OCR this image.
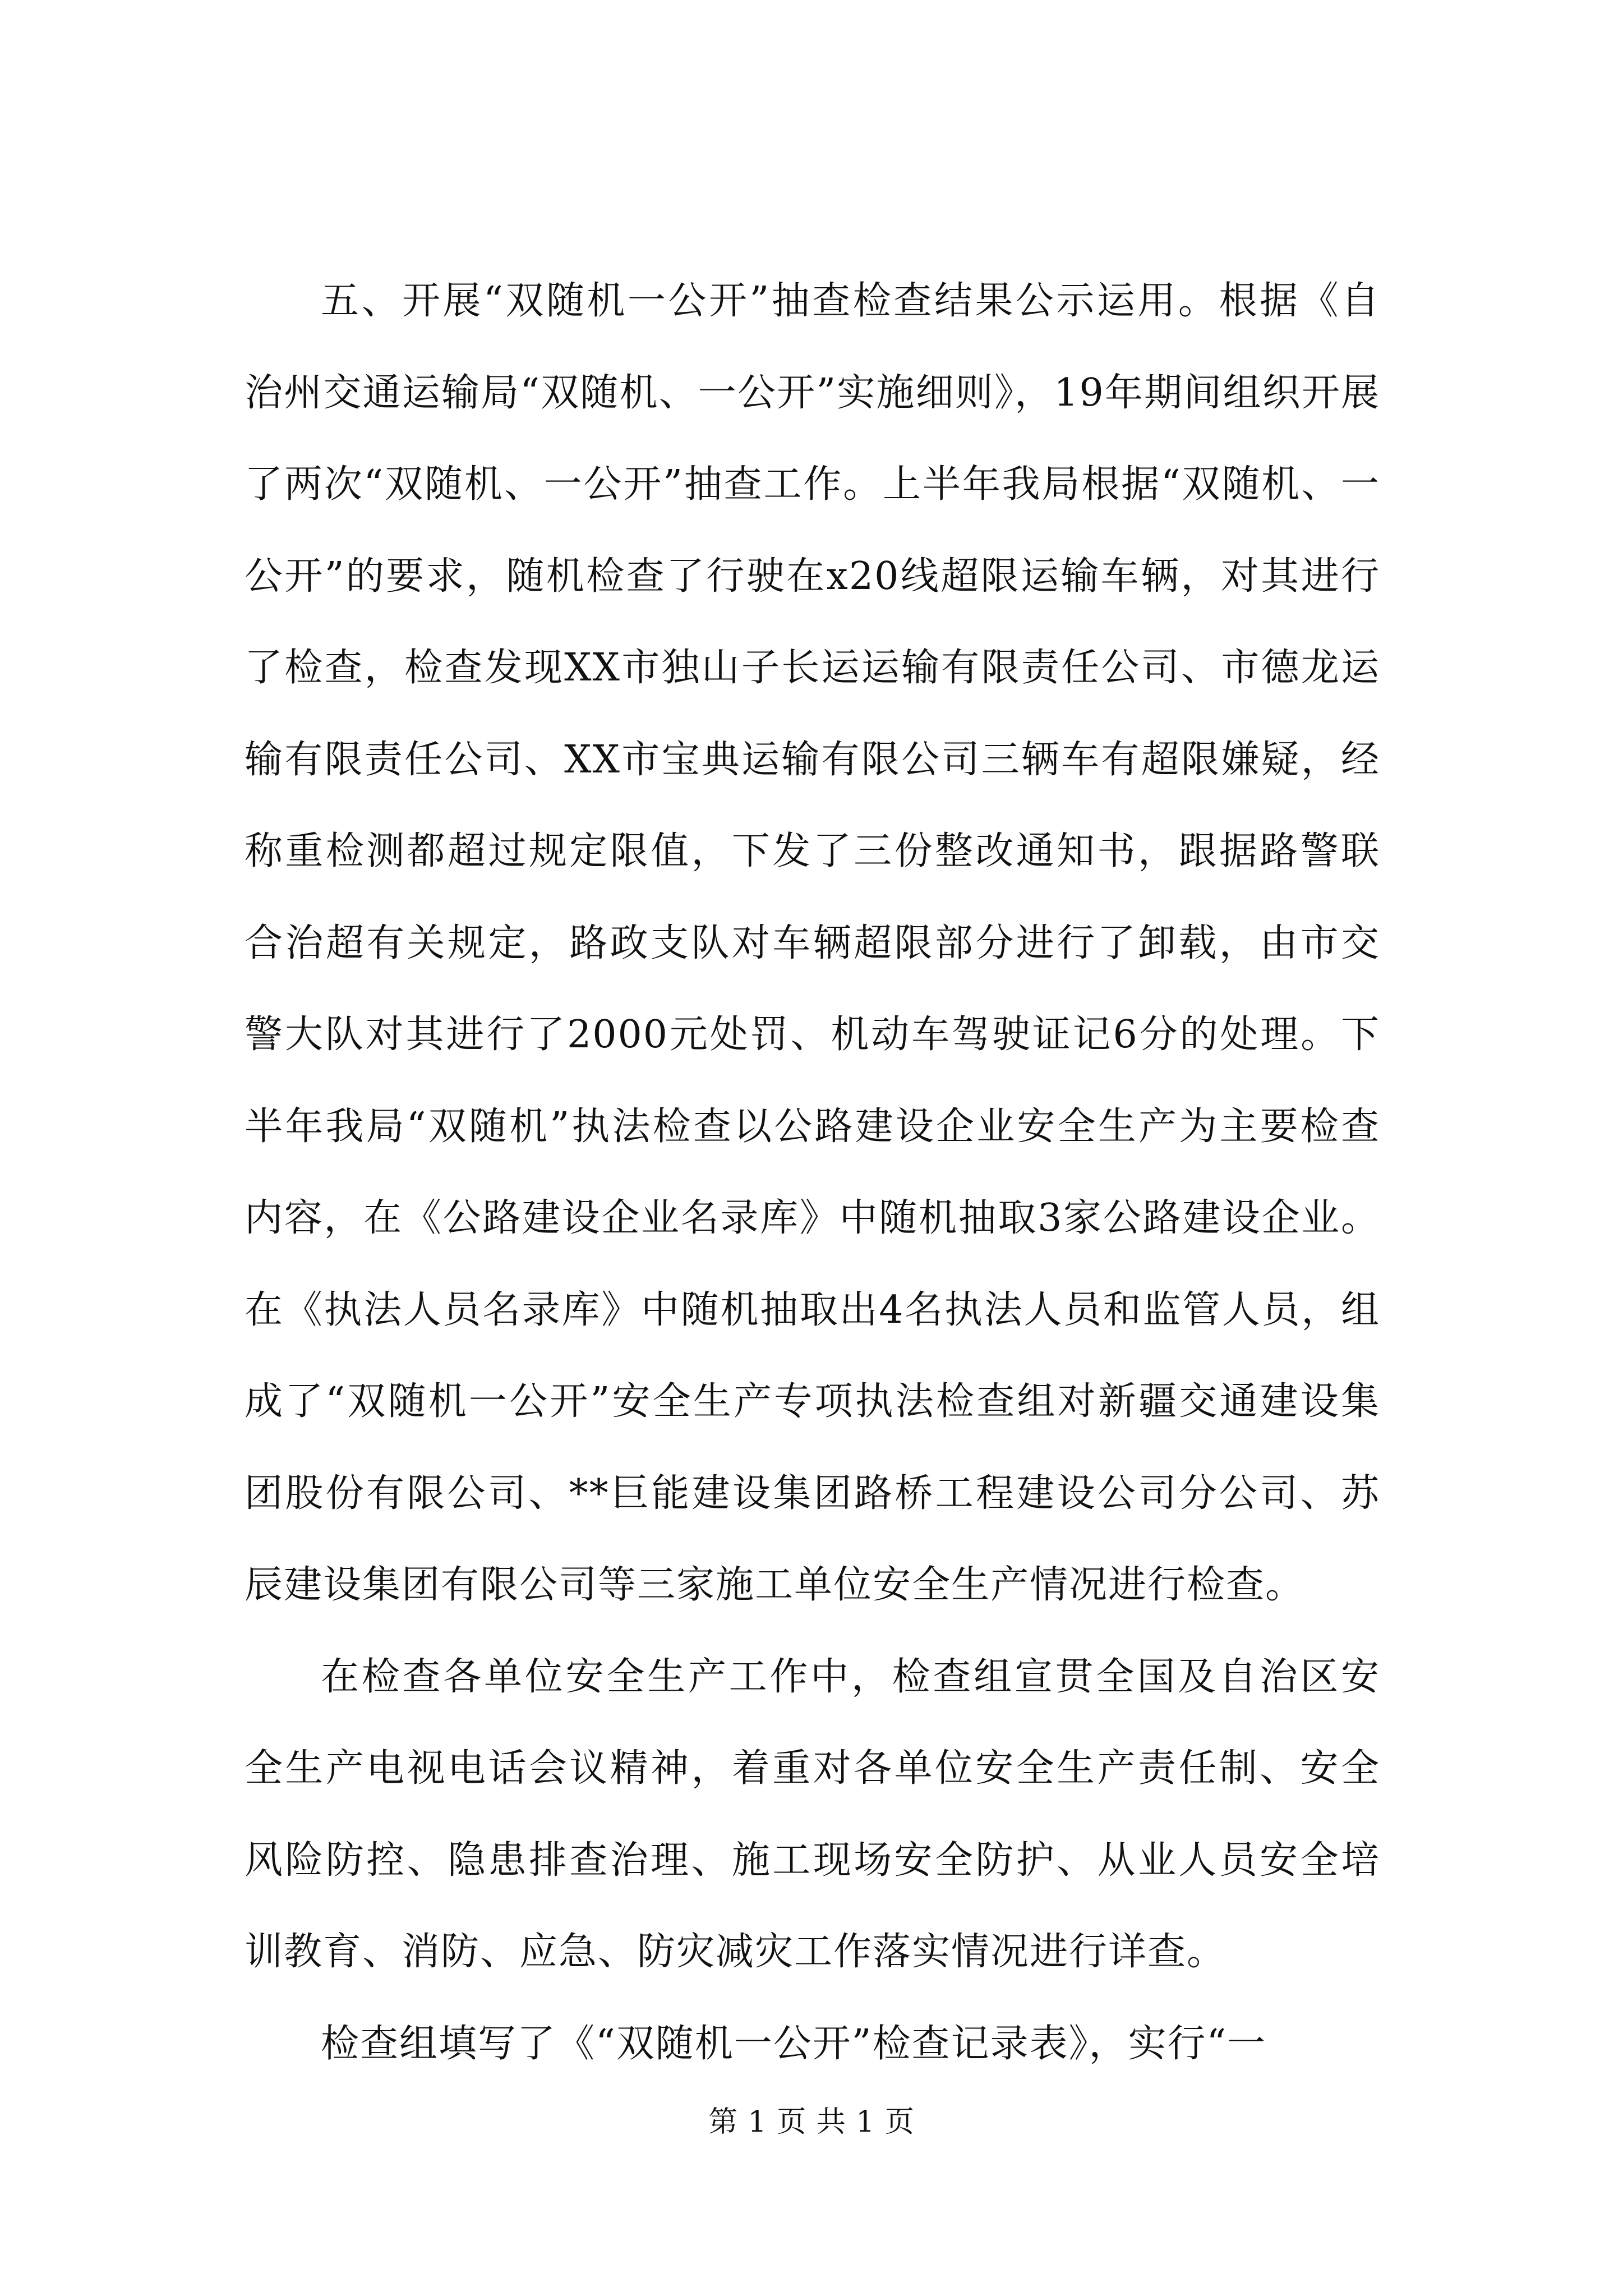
五、开展“双随机一公开”抽查检查结果公示运用。根据《自治州交通运输局“双随机、一公开”实施细则》，19年期间组织开展了两次“双随机、一公开”抽查工作。上半年我局根据“双随机、一公开”的要求，随机检查了行驶在x20线超限运输车辆，对其进行了检查，检查发现XX市独山子长运运输有限责任公司、市德龙运输有限责任公司、XX市宝典运输有限公司三辆车有超限嫌疑，经称重检测都超过规定限值，下发了三份整改通知书，跟据路警联合治超有关规定，路政支队对车辆超限部分进行了卸载，由市交警大队对其进行了2000元处罚、机动车驾驶证记6分的处理。下半年我局“双随机”执法检查以公路建设企业安全生产为主要检查内容，在《公路建设企业名录库》中随机抽取3家公路建设企业。在《执法人员名录库》中随机抽取出4名执法人员和监管人员，组成了“双随机一公开”安全生产专项执法检查组对新疆交通建设集团股份有限公司、**巨能建设集团路桥工程建设公司分公司、苏辰建设集团有限公司等三家施工单位安全生产情况进行检查。

在检查各单位安全生产工作中，检查组宣贯全国及自治区安全生产电视电话会议精神，着重对各单位安全生产责任制、安全风险防控、隐患排查治理、施工现场安全防护、从业人员安全培训教育、消防、应急、防灾减灾工作落实情况进行详查。

检查组填写了《“双随机一公开”检查记录表》，实行“一

第 1 页 共 1 页
